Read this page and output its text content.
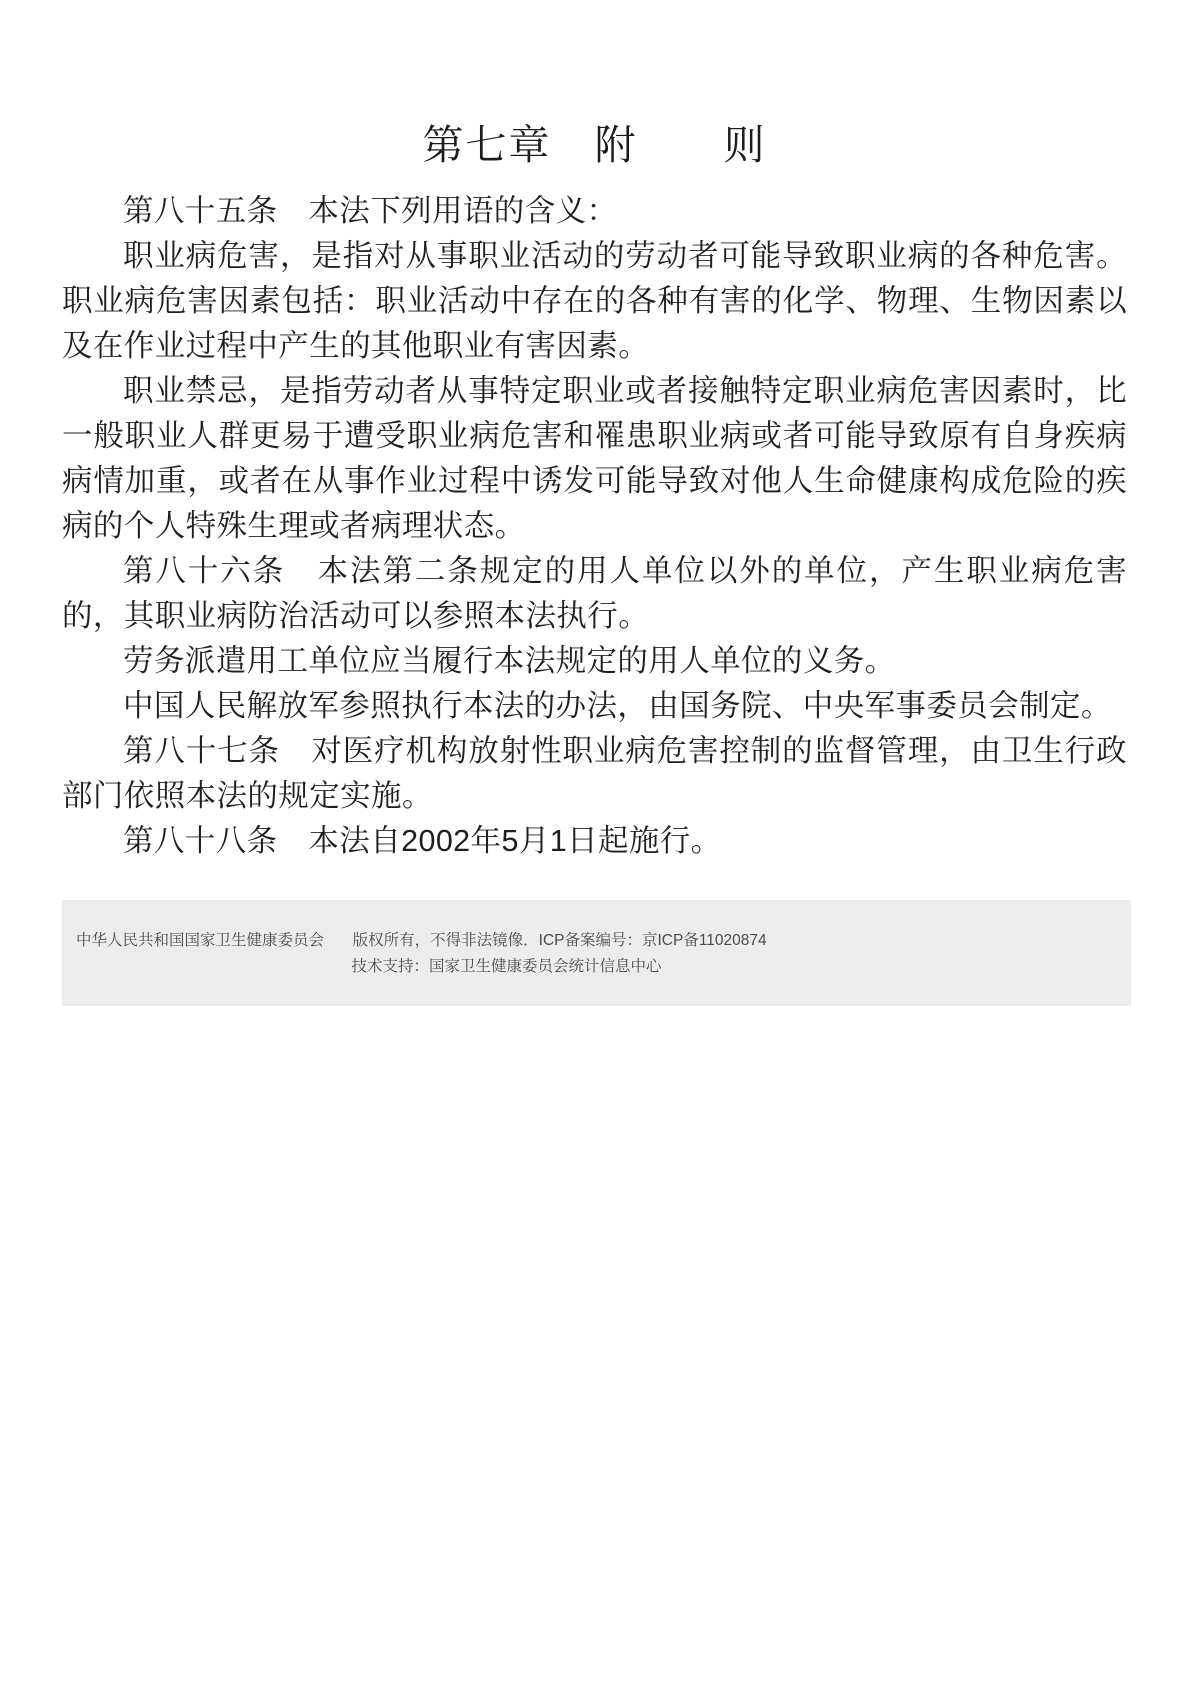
第七章　附　　则

第八十五条　本法下列用语的含义：

职业病危害，是指对从事职业活动的劳动者可能导致职业病的各种危害。职业病危害因素包括：职业活动中存在的各种有害的化学、物理、生物因素以及在作业过程中产生的其他职业有害因素。

职业禁忌，是指劳动者从事特定职业或者接触特定职业病危害因素时，比一般职业人群更易于遭受职业病危害和罹患职业病或者可能导致原有自身疾病病情加重，或者在从事作业过程中诱发可能导致对他人生命健康构成危险的疾病的个人特殊生理或者病理状态。

第八十六条　本法第二条规定的用人单位以外的单位，产生职业病危害的，其职业病防治活动可以参照本法执行。

劳务派遣用工单位应当履行本法规定的用人单位的义务。

中国人民解放军参照执行本法的办法，由国务院、中央军事委员会制定。

第八十七条　对医疗机构放射性职业病危害控制的监督管理，由卫生行政部门依照本法的规定实施。

第八十八条　本法自2002年5月1日起施行。

中华人民共和国国家卫生健康委员会 版权所有，不得非法镜像．ICP备案编号：京ICP备11020874
技术支持：国家卫生健康委员会统计信息中心
